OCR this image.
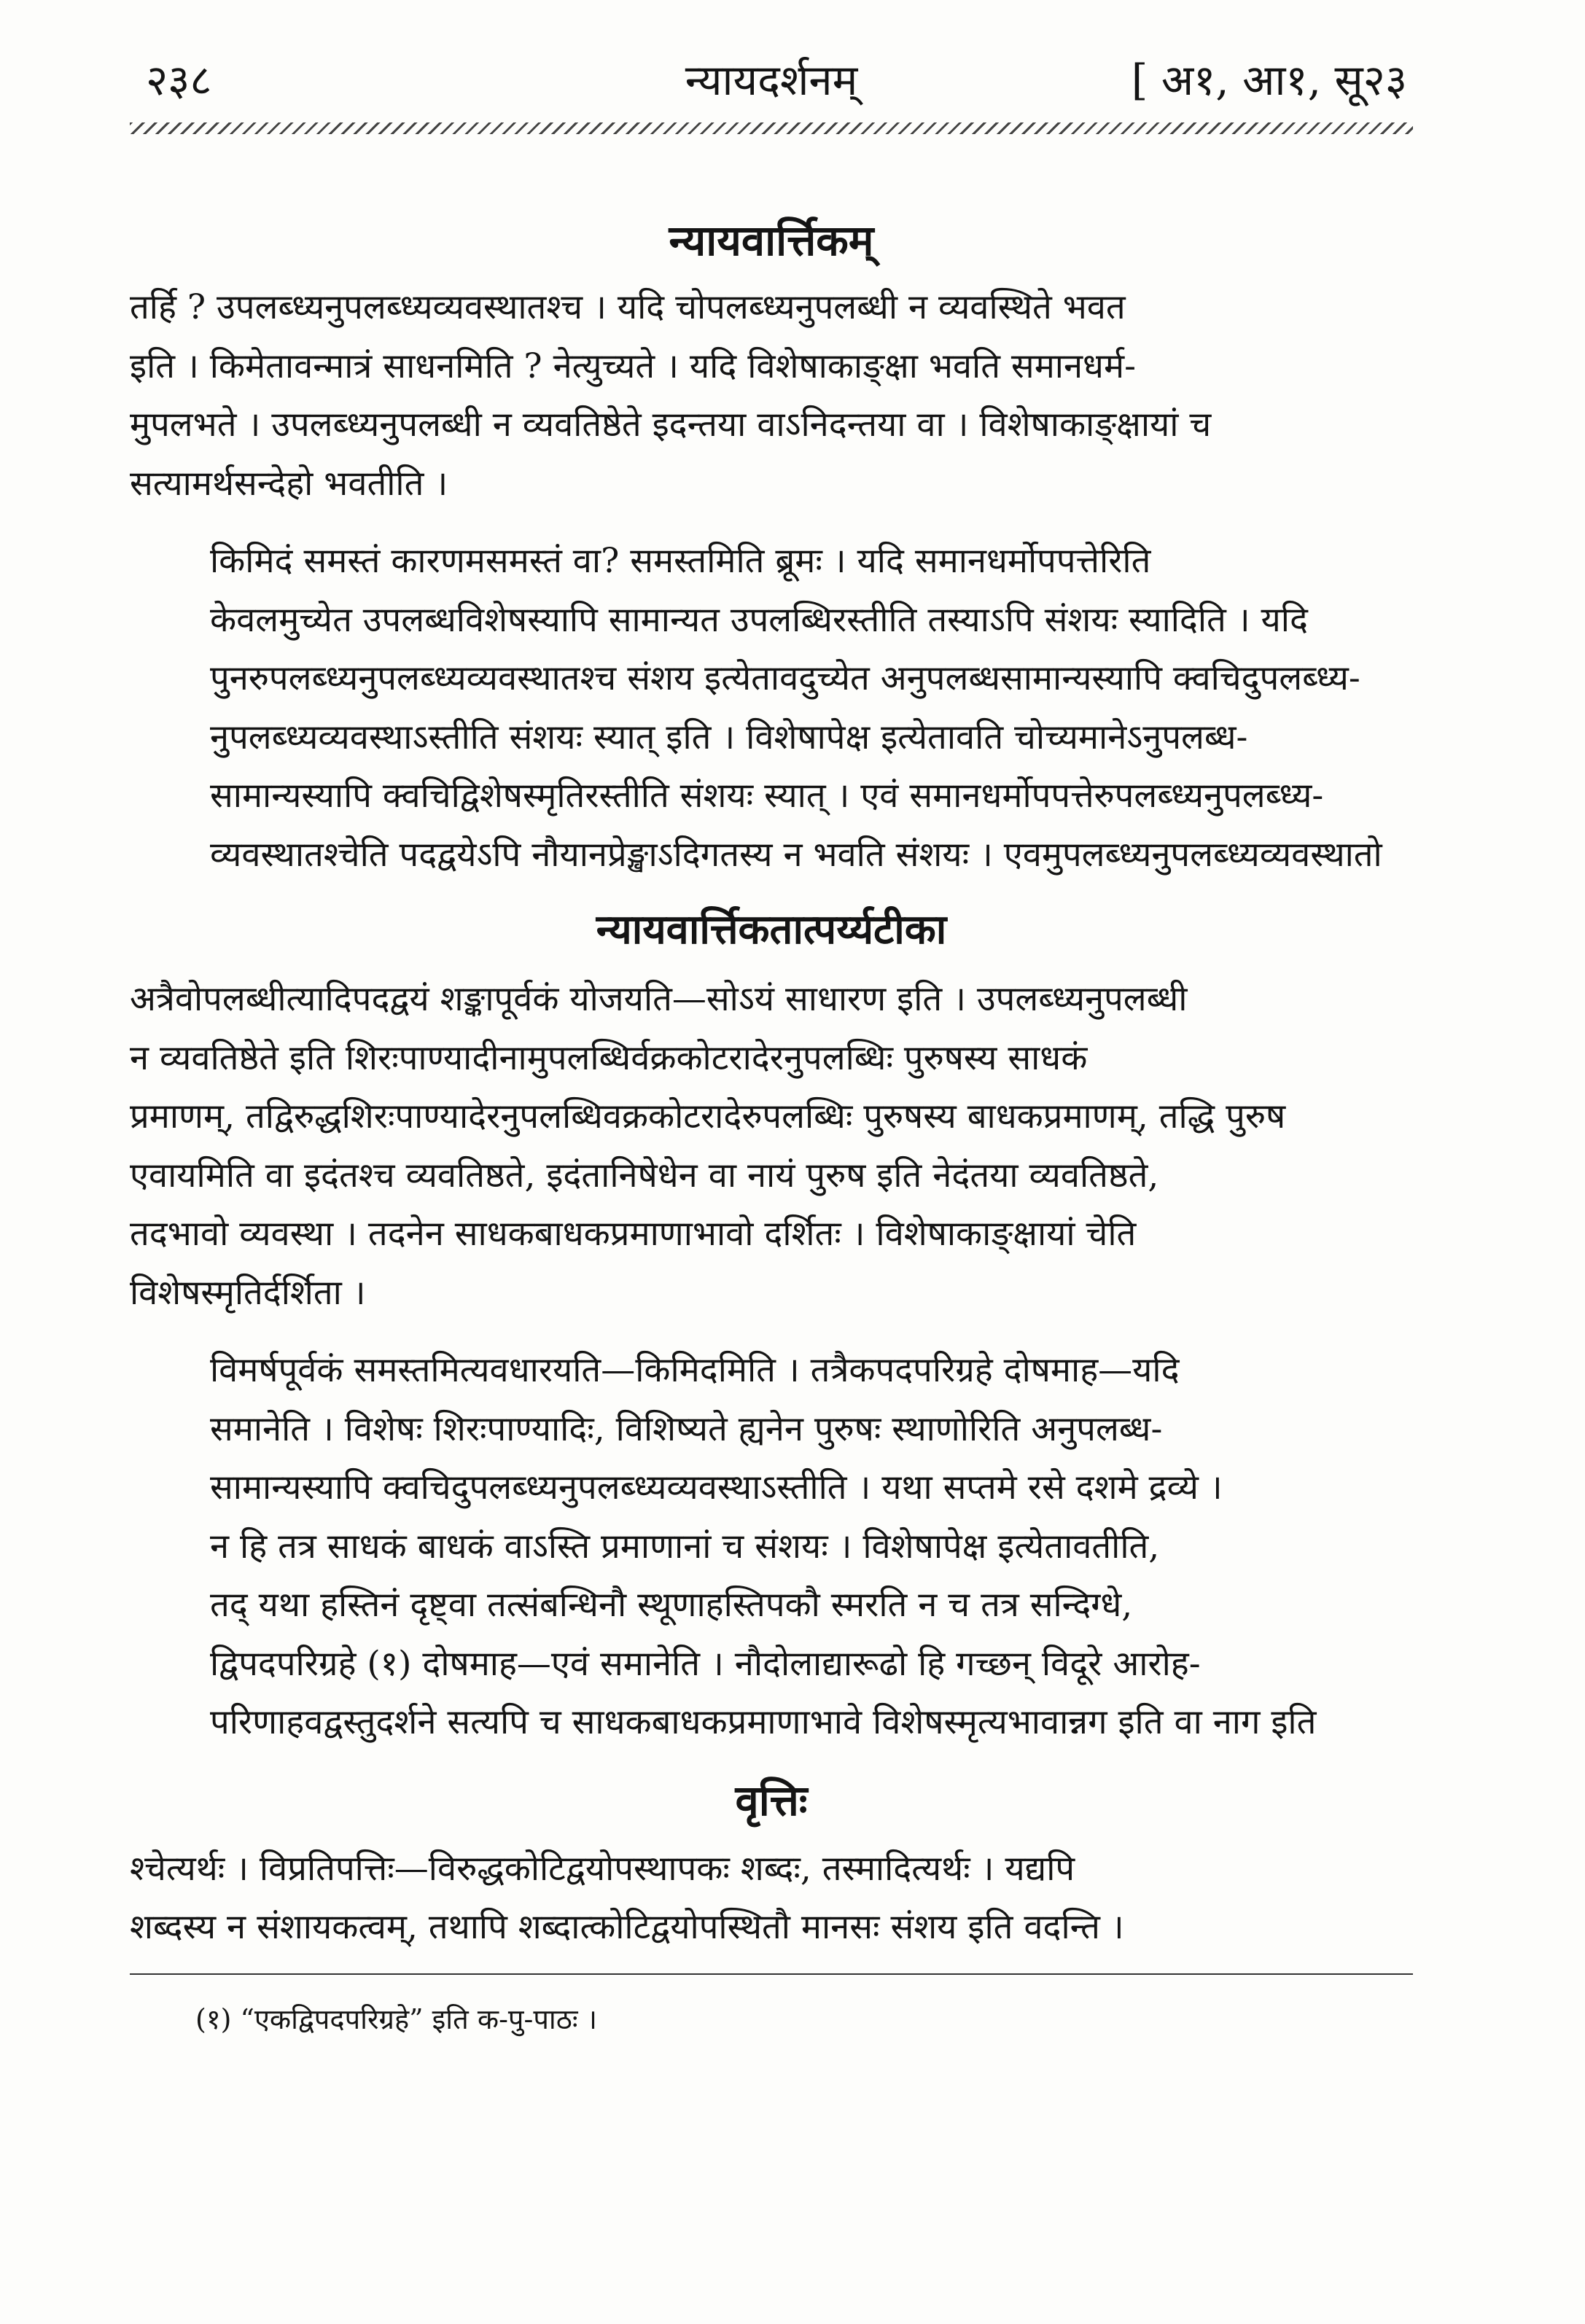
२३८	न्यायदर्शनम्	[ अ१, आ१, सू२३
न्यायवार्त्तिकम्

तर्हि ? उपलब्ध्यनुपलब्ध्यव्यवस्थातश्च । यदि चोपलब्ध्यनुपलब्धी न व्यवस्थिते भवत
इति । किमेतावन्मात्रं साधनमिति ? नेत्युच्यते । यदि विशेषाकाङ्क्षा भवति समानधर्म-
मुपलभते । उपलब्ध्यनुपलब्धी न व्यवतिष्ठेते इदन्तया वाऽनिदन्तया वा । विशेषाकाङ्क्षायां च
सत्यामर्थसन्देहो भवतीति ।

किमिदं समस्तं कारणमसमस्तं वा? समस्तमिति ब्रूमः । यदि समानधर्मोपपत्तेरिति
केवलमुच्येत उपलब्धविशेषस्यापि सामान्यत उपलब्धिरस्तीति तस्याऽपि संशयः स्यादिति । यदि
पुनरुपलब्ध्यनुपलब्ध्यव्यवस्थातश्च संशय इत्येतावदुच्येत अनुपलब्धसामान्यस्यापि क्वचिदुपलब्ध्य-
नुपलब्ध्यव्यवस्थाऽस्तीति संशयः स्यात् इति । विशेषापेक्ष इत्येतावति चोच्यमानेऽनुपलब्ध-
सामान्यस्यापि क्वचिद्विशेषस्मृतिरस्तीति संशयः स्यात् । एवं समानधर्मोपपत्तेरुपलब्ध्यनुपलब्ध्य-
व्यवस्थातश्चेति पदद्वयेऽपि नौयानप्रेङ्खाऽदिगतस्य न भवति संशयः । एवमुपलब्ध्यनुपलब्ध्यव्यवस्थातो

न्यायवार्त्तिकतात्पर्य्यटीका

अत्रैवोपलब्धीत्यादिपदद्वयं शङ्कापूर्वकं योजयति—सोऽयं साधारण इति । उपलब्ध्यनुपलब्धी
न व्यवतिष्ठेते इति शिरःपाण्यादीनामुपलब्धिर्वक्रकोटरादेरनुपलब्धिः पुरुषस्य साधकं
प्रमाणम्, तद्विरुद्धशिरःपाण्यादेरनुपलब्धिवक्रकोटरादेरुपलब्धिः पुरुषस्य बाधकप्रमाणम्, तद्धि पुरुष
एवायमिति वा इदंतश्च व्यवतिष्ठते, इदंतानिषेधेन वा नायं पुरुष इति नेदंतया व्यवतिष्ठते,
तदभावो व्यवस्था । तदनेन साधकबाधकप्रमाणाभावो दर्शितः । विशेषाकाङ्क्षायां चेति
विशेषस्मृतिर्दर्शिता ।

विमर्षपूर्वकं समस्तमित्यवधारयति—किमिदमिति । तत्रैकपदपरिग्रहे दोषमाह—यदि
समानेति । विशेषः शिरःपाण्यादिः, विशिष्यते ह्यनेन पुरुषः स्थाणोरिति अनुपलब्ध-
सामान्यस्यापि क्वचिदुपलब्ध्यनुपलब्ध्यव्यवस्थाऽस्तीति । यथा सप्तमे रसे दशमे द्रव्ये ।
न हि तत्र साधकं बाधकं वाऽस्ति प्रमाणानां च संशयः । विशेषापेक्ष इत्येतावतीति,
तद् यथा हस्तिनं दृष्ट्वा तत्संबन्धिनौ स्थूणाहस्तिपकौ स्मरति न च तत्र सन्दिग्धे,
द्विपदपरिग्रहे (१) दोषमाह—एवं समानेति । नौदोलाद्यारूढो हि गच्छन् विदूरे आरोह-
परिणाहवद्वस्तुदर्शने सत्यपि च साधकबाधकप्रमाणाभावे विशेषस्मृत्यभावान्नग इति वा नाग इति

वृत्तिः

श्चेत्यर्थः । विप्रतिपत्तिः—विरुद्धकोटिद्वयोपस्थापकः शब्दः, तस्मादित्यर्थः । यद्यपि
शब्दस्य न संशायकत्वम्, तथापि शब्दात्कोटिद्वयोपस्थितौ मानसः संशय इति वदन्ति ।

(१) “एकद्विपदपरिग्रहे” इति क-पु-पाठः ।
